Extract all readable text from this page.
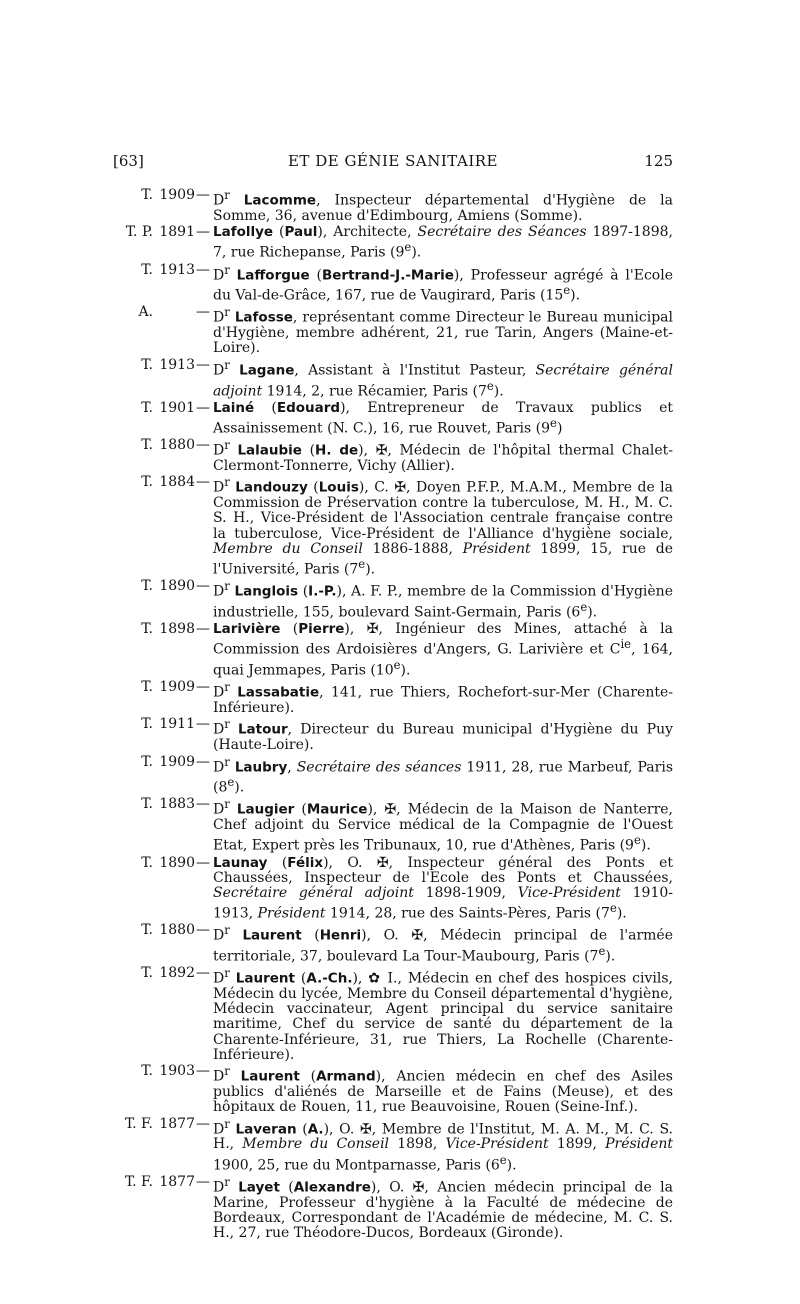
[63]	ET DE GÉNIE SANITAIRE	125
T. 1909— $D^r$ Lacomme, Inspecteur départemental d'Hygiène de la Somme, 36, avenue d'Edimbourg, Amiens (Somme).
T. P. 1891— Lafollye (Paul), Architecte, Secrétaire des Séances 1897-1898, 7, rue Richepanse, Paris (9e).
T. 1913— $D^r$ Lafforgue (Bertrand-J.-Marie), Professeur agrégé à l'Ecole du Val-de-Grâce, 167, rue de Vaugirard, Paris (15e).
A.	— $D^r$ Lafosse, représentant comme Directeur le Bureau municipal d'Hygiène, membre adhérent, 21, rue Tarin, Angers (Maine-et-Loire).
T. 1913— $D^r$ Lagane, Assistant à l'Institut Pasteur, Secrétaire général adjoint 1914, 2, rue Récamier, Paris (7e).
T. 1901— Lainé (Edouard), Entrepreneur de Travaux publics et Assainissement (N. C.), 16, rue Rouvet, Paris (9e)
T. 1880— $D^r$ Lalaubie (H. de), ✠, Médecin de l'hôpital thermal Chalet-Clermont-Tonnerre, Vichy (Allier).
T. 1884— $D^r$ Landouzy (Louis), C. ✠, Doyen P.F.P., M.A.M., Membre de la Commission de Préservation contre la tuberculose, M. H., M. C. S. H., Vice-Président de l'Association centrale française contre la tuberculose, Vice-Président de l'Alliance d'hygiène sociale, Membre du Conseil 1886-1888, Président 1899, 15, rue de l'Université, Paris (7e).
T. 1890— $D^r$ Langlois (I.-P.), A. F. P., membre de la Commission d'Hygiène industrielle, 155, boulevard Saint-Germain, Paris (6e).
T. 1898— Larivière (Pierre), ✠, Ingénieur des Mines, attaché à la Commission des Ardoisières d'Angers, G. Larivière et $C^{ie}$, 164, quai Jemmapes, Paris (10e).
T. 1909— $D^r$ Lassabatie, 141, rue Thiers, Rochefort-sur-Mer (Charente-Inférieure).
T. 1911— $D^r$ Latour, Directeur du Bureau municipal d'Hygiène du Puy (Haute-Loire).
T. 1909— $D^r$ Laubry, Secrétaire des séances 1911, 28, rue Marbeuf, Paris (8e).
T. 1883— $D^r$ Laugier (Maurice), ✠, Médecin de la Maison de Nanterre, Chef adjoint du Service médical de la Compagnie de l'Ouest Etat, Expert près les Tribunaux, 10, rue d'Athènes, Paris (9e).
T. 1890— Launay (Félix), O. ✠, Inspecteur général des Ponts et Chaussées, Inspecteur de l'Ecole des Ponts et Chaussées, Secrétaire général adjoint 1898-1909, Vice-Président 1910-1913, Président 1914, 28, rue des Saints-Pères, Paris (7e).
T. 1880— $D^r$ Laurent (Henri), O. ✠, Médecin principal de l'armée territoriale, 37, boulevard La Tour-Maubourg, Paris (7e).
T. 1892— $D^r$ Laurent (A.-Ch.), ✿ I., Médecin en chef des hospices civils, Médecin du lycée, Membre du Conseil départemental d'hygiène, Médecin vaccinateur, Agent principal du service sanitaire maritime, Chef du service de santé du département de la Charente-Inférieure, 31, rue Thiers, La Rochelle (Charente-Inférieure).
T. 1903— $D^r$ Laurent (Armand), Ancien médecin en chef des Asiles publics d'aliénés de Marseille et de Fains (Meuse), et des hôpitaux de Rouen, 11, rue Beauvoisine, Rouen (Seine-Inf.).
T. F. 1877— $D^r$ Laveran (A.), O. ✠, Membre de l'Institut, M. A. M., M. C. S. H., Membre du Conseil 1898, Vice-Président 1899, Président 1900, 25, rue du Montparnasse, Paris (6e).
T. F. 1877— $D^r$ Layet (Alexandre), O. ✠, Ancien médecin principal de la Marine, Professeur d'hygiène à la Faculté de médecine de Bordeaux, Correspondant de l'Académie de médecine, M. C. S. H., 27, rue Théodore-Ducos, Bordeaux (Gironde).
